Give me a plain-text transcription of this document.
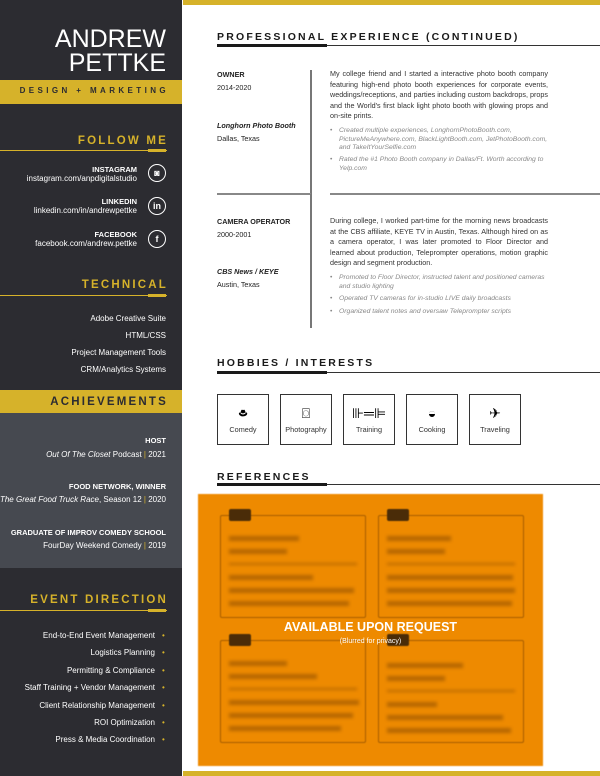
ANDREW
PETTKE
DESIGN + MARKETING
FOLLOW ME
INSTAGRAM
instagram.com/anpdigitalstudio
◙
LINKEDIN
linkedin.com/in/andrewpettke	in
FACEBOOK
facebook.com/andrew.pettke	f
TECHNICAL
Adobe Creative Suite
HTML/CSS
Project Management Tools
CRM/Analytics Systems
ACHIEVEMENTS
HOST
Out Of The Closet Podcast | 2021
FOOD NETWORK, WINNER
The Great Food Truck Race, Season 12 | 2020
GRADUATE OF IMPROV COMEDY SCHOOL
FourDay Weekend Comedy | 2019
EVENT DIRECTION
End-to-End Event Management •
Logistics Planning •
Permitting & Compliance •
Staff Training + Vendor Management •
Client Relationship Management •
ROI Optimization •
Press & Media Coordination •
PROFESSIONAL EXPERIENCE (CONTINUED)
OWNER
2014-2020
Longhorn Photo Booth
Dallas, Texas
My college friend and I started a interactive photo booth company featuring high-end photo booth experiences for corporate events, weddings/receptions, and parties including custom backdrops, props and the World's first black light photo booth with glowing props and on-site prints.
• Created multiple experiences, LonghornPhotoBooth.com, PictureMeAnywhere.com, BlackLightBooth.com, JetPhotoBooth.com, and TakeItYourSelfie.com
• Rated the #1 Photo Booth company in Dallas/Ft. Worth according to Yelp.com
CAMERA OPERATOR
2000-2001
CBS News / KEYE
Austin, Texas
During college, I worked part-time for the morning news broadcasts at the CBS affiliate, KEYE TV in Austin, Texas. Although hired on as a camera operator, I was later promoted to Floor Director and learned about production, Teleprompter operations, motion graphic design and segment production.
• Promoted to Floor Director, instructed talent and positioned cameras and studio lighting
• Operated TV cameras for in-studio LIVE daily broadcasts
• Organized talent notes and oversaw Teleprompter scripts
HOBBIES / INTERESTS
🎩︎
Comedy
⌼
Photography
⊪═⊫
Training
◒
Cooking
✈︎
Traveling
REFERENCES
AVAILABLE UPON REQUEST
(Blurred for privacy)
